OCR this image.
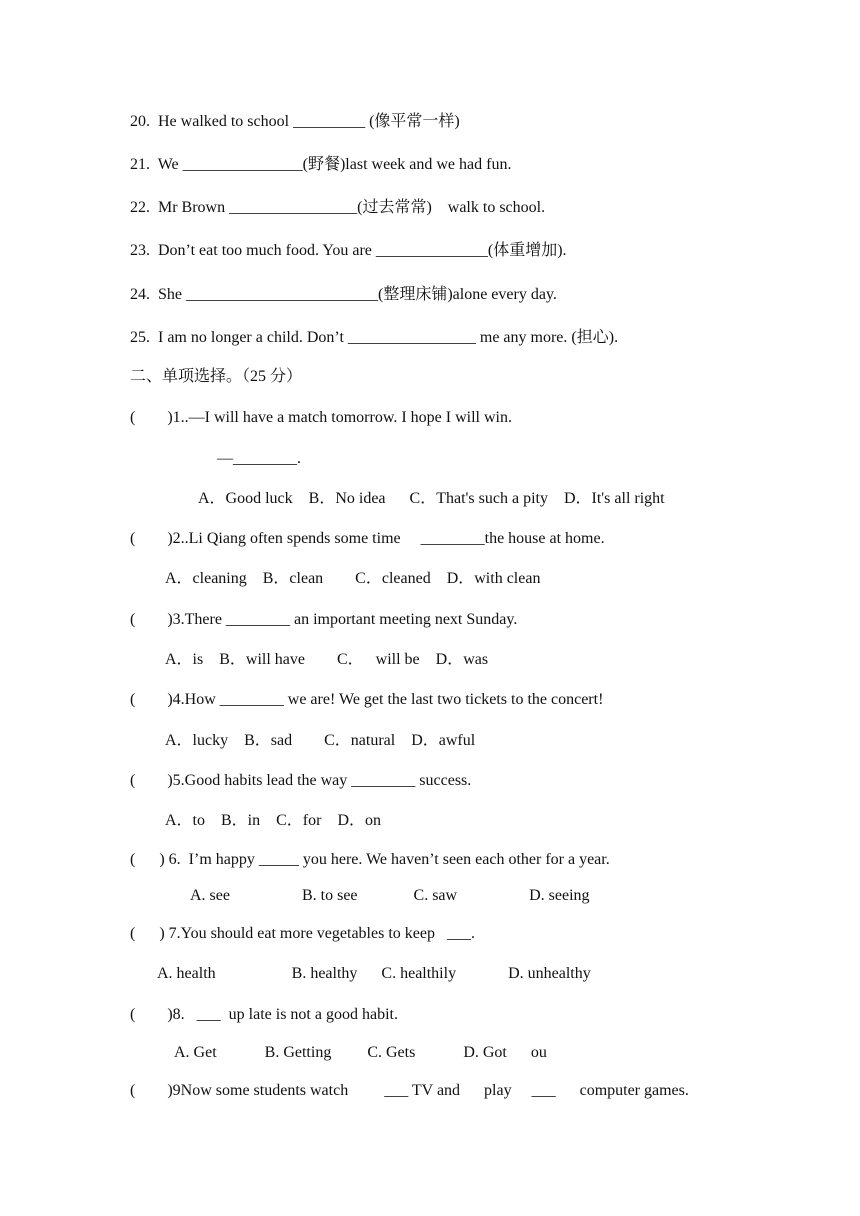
20.  He walked to school _________ (像平常一样)
21.  We _______________(野餐)last week and we had fun.
22.  Mr Brown ________________(过去常常)    walk to school.
23.  Don’t eat too much food. You are ______________(体重增加).
24.  She ________________________(整理床铺)alone every day.
25.  I am no longer a child. Don’t ________________ me any more. (担心).
二、单项选择。（25 分）
(        )1..—I will have a match tomorrow. I hope I will win.
—________.
A．Good luck    B．No idea      C．That's such a pity    D．It's all right
(        )2..Li Qiang often spends some time     ________the house at home.
A．cleaning    B．clean        C．cleaned    D．with clean
(        )3.There ________ an important meeting next Sunday.
A．is    B．will have        C．   will be    D．was
(        )4.How ________ we are! We get the last two tickets to the concert!
A．lucky    B．sad        C．natural    D．awful
(        )5.Good habits lead the way ________ success.
A．to    B．in    C．for    D．on
(      ) 6.  I’m happy _____ you here. We haven’t seen each other for a year.
A. see                  B. to see              C. saw                  D. seeing
(      ) 7.You should eat more vegetables to keep   ___.
A. health                   B. healthy      C. healthily             D. unhealthy
(        )8.   ___  up late is not a good habit.
A. Get            B. Getting         C. Gets            D. Got      ou
(        )9Now some students watch         ___ TV and      play     ___      computer games.
